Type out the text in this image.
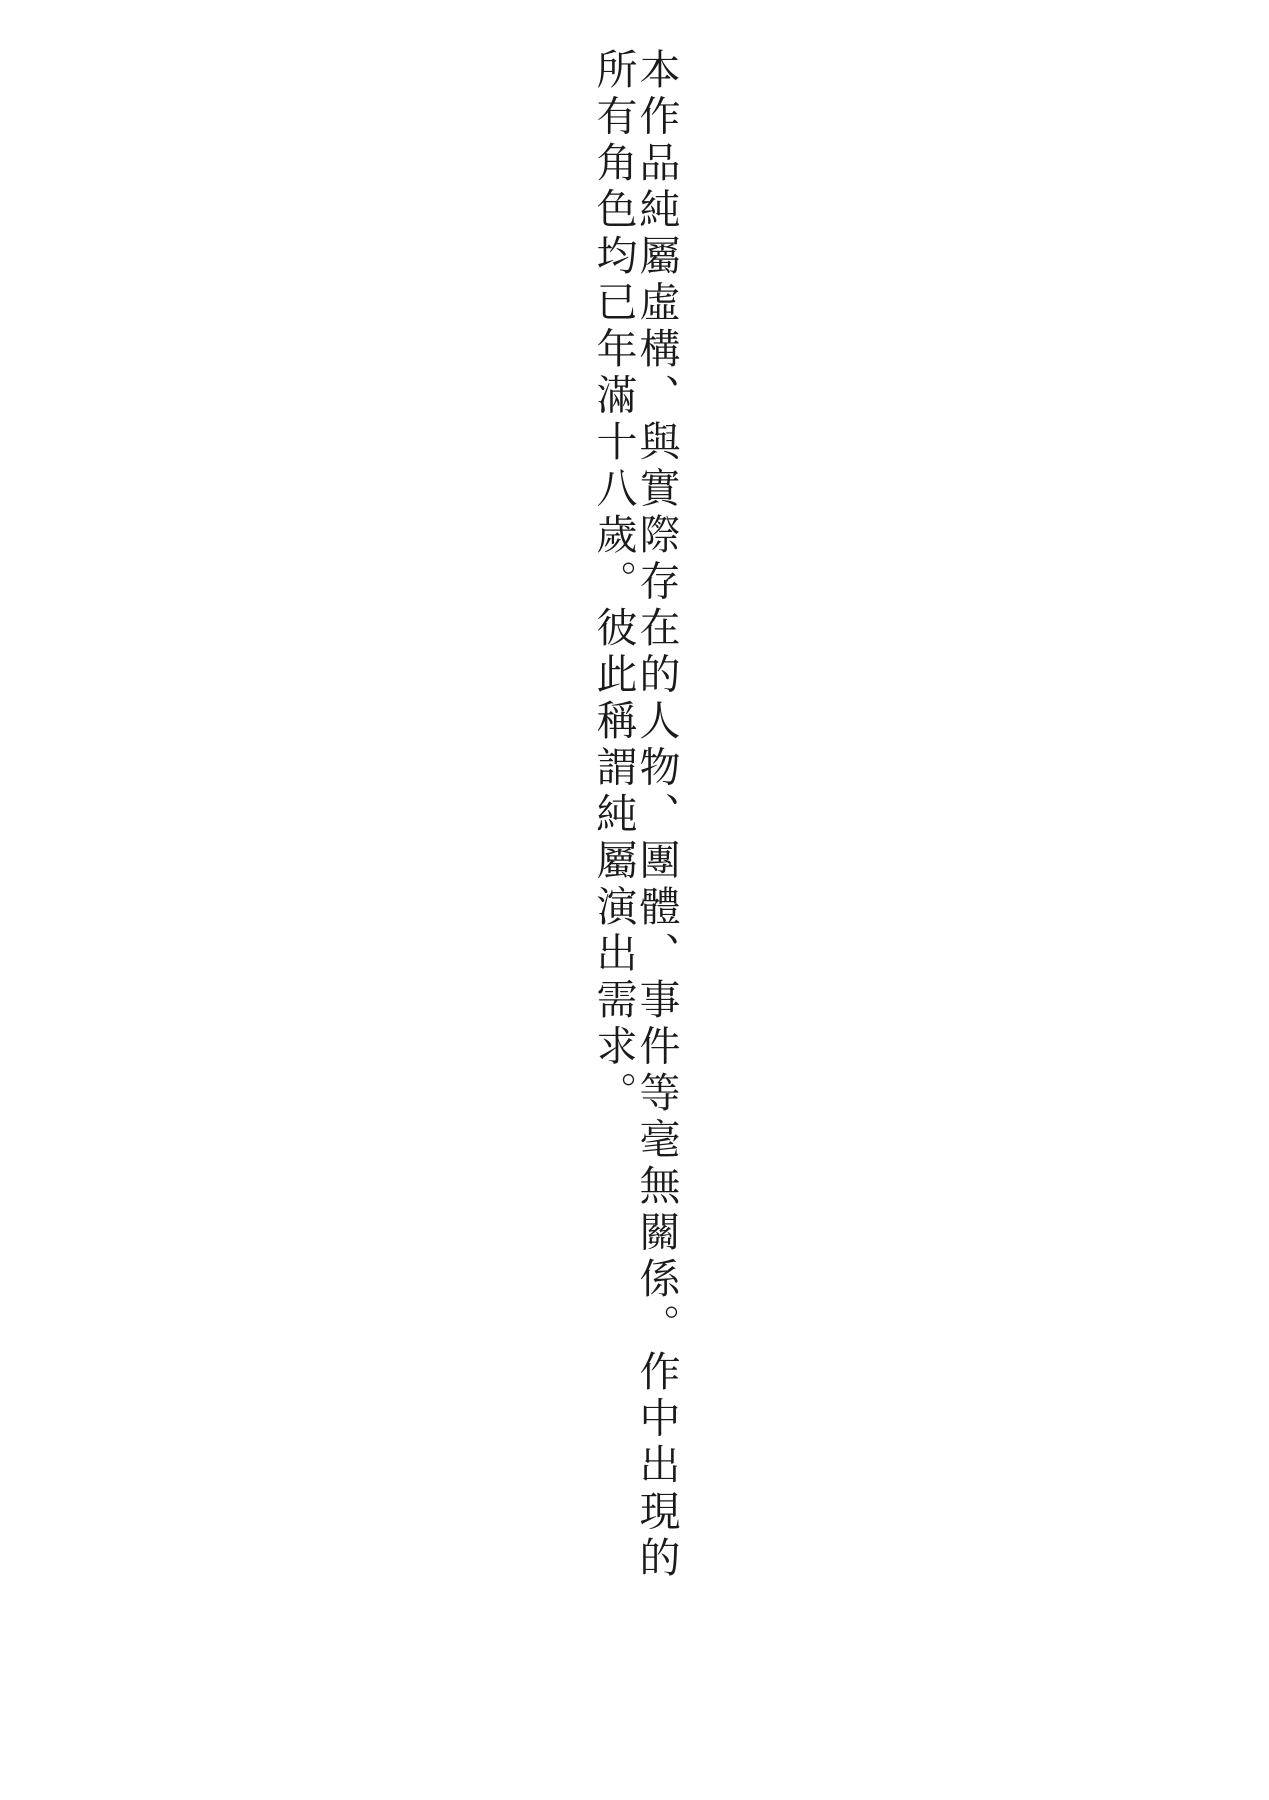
本作品純屬虛構、與實際存在的人物、團體、事件等毫無關係。作中出現的所有角色均已年滿十八歲。彼此稱謂純屬演出需求。
